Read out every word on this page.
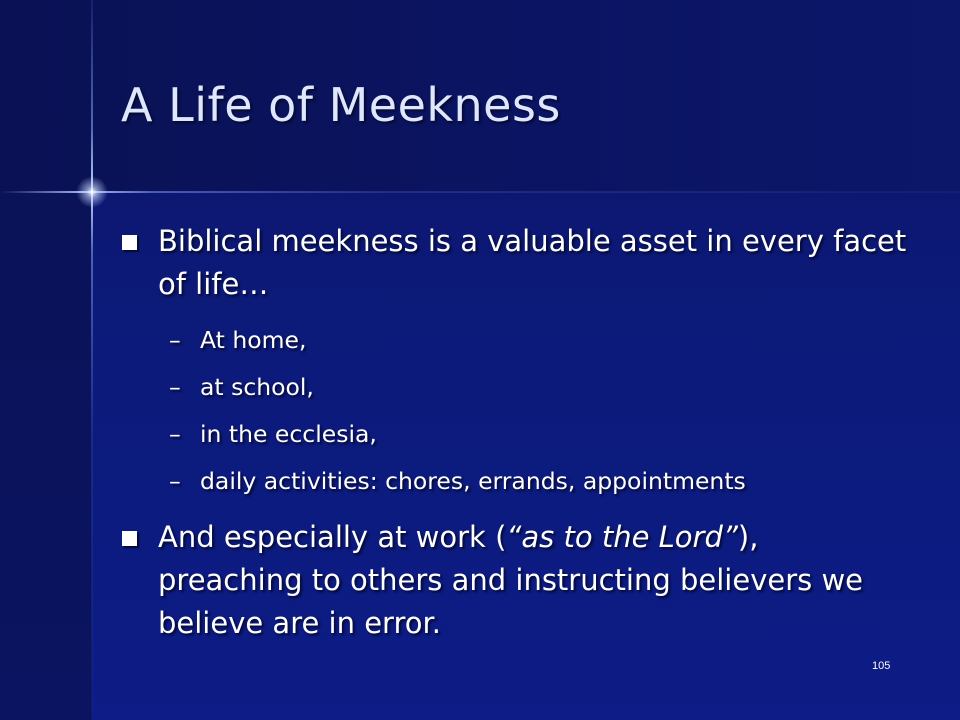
A Life of Meekness
Biblical meekness is a valuable asset in every facet of life…
– At home,
– at school,
– in the ecclesia,
– daily activities: chores, errands, appointments
And especially at work (“as to the Lord”), preaching to others and instructing believers we believe are in error.
105
